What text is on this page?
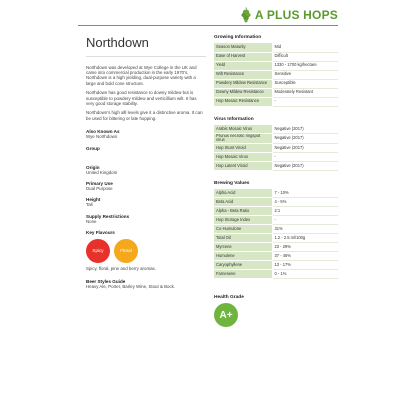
A PLUS HOPS
Northdown

Northdown was developed at Wye College in the UK and came into commercial production in the early 1970's. Northdown is a high yielding, dual-purpose variety with a large and bold cone structure.

Northdown has good resistance to downy mildew but is susceptible to powdery mildew and verticillium wilt. It has very good storage stability.

Northdown's high alll levels give it a distinctive aroma. It can be used for bittering or late hopping.

Also Known As
Wye Northdown
Group
Origin
United Kingdom
Primary Use
Dual Purpose
Height
Tall
Supply Restrictions
None
Key Flavours
Spicy	Floral
Spicy, floral, pine and berry aromas.
Beer Styles Guide
Heavy Ale, Porter, Barley Wine, Stout & Bock.
Growing Information
Season Maturity	Mid
Ease of Harvest	Difficult
Yield	1330 - 1700 kg/hectare
Wilt Resistance	Sensitive
Powdery Mildew Resistance	Susceptible
Downy Mildew Resistance	Moderately Resistant
Hop Mosaic Resistance	-
Virus Information
Arabis Mosaic Virus	Negative (2017)
Prunus necrotic ringspot virus	Negative (2017)
Hop Stunt Viroid	Negative (2017)
Hop Mosaic Virus	-
Hop Latent Viroid	Negative (2017)
Brewing Values
Alpha Acid	7 - 10%
Beta Acid	4 - 5%
Alpha - Beta Ratio	2:1
Hop Storage Index	-
Co-Humulone	31%
Total Oil	1.2 - 2.5 ml/100g
Myrcene	23 - 29%
Humulene	37 - 45%
Caryophyllene	13 - 17%
Farnesene	0 - 1%
Health Grade
A+
